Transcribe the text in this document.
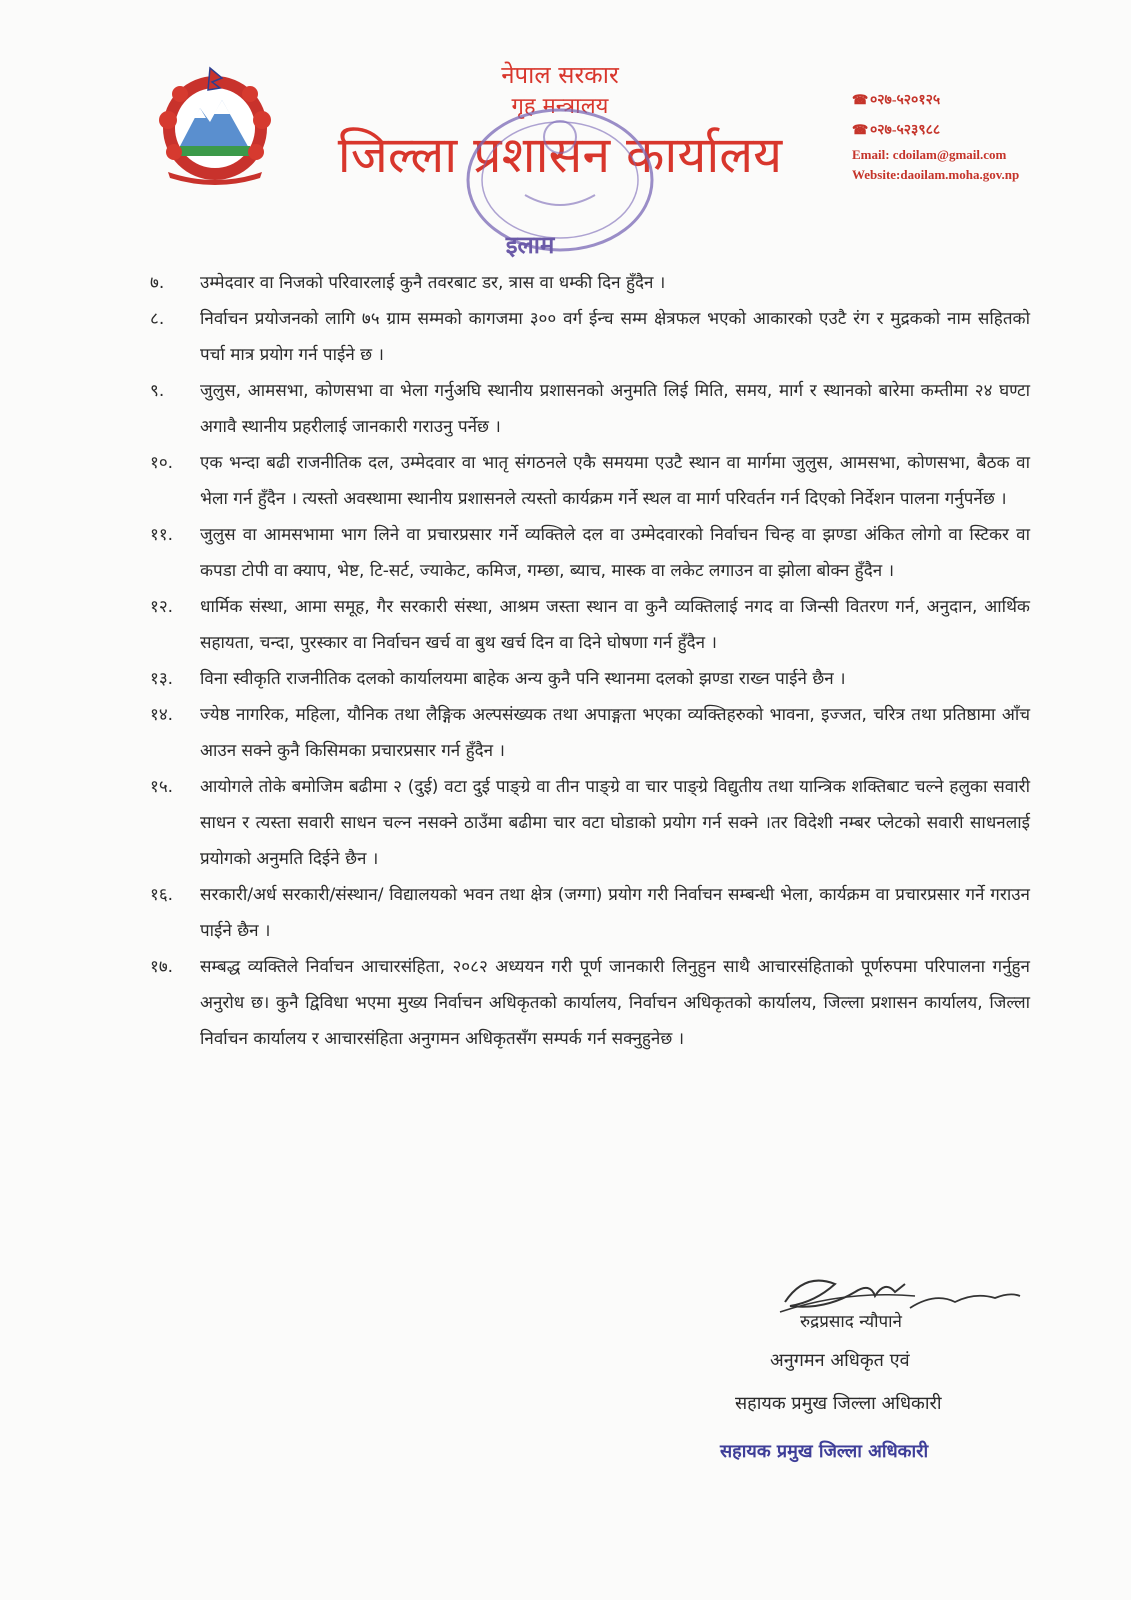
नेपाल सरकार
गृह मन्त्रालय
जिल्ला प्रशासन कार्यालय
☎ ०२७-५२०१२५
☎ ०२७-५२३९८८
Email: cdoilam@gmail.com
Website:daoilam.moha.gov.np
इलाम
७. उम्मेदवार वा निजको परिवारलाई कुनै तवरबाट डर, त्रास वा धम्की दिन हुँदैन ।
८. निर्वाचन प्रयोजनको लागि ७५ ग्राम सम्मको कागजमा ३०० वर्ग ईन्च सम्म क्षेत्रफल भएको आकारको एउटै रंग र मुद्रकको नाम सहितको पर्चा मात्र प्रयोग गर्न पाईने छ ।
९. जुलुस, आमसभा, कोणसभा वा भेला गर्नुअघि स्थानीय प्रशासनको अनुमति लिई मिति, समय, मार्ग र स्थानको बारेमा कम्तीमा २४ घण्टा अगावै स्थानीय प्रहरीलाई जानकारी गराउनु पर्नेछ ।
१०. एक भन्दा बढी राजनीतिक दल, उम्मेदवार वा भातृ संगठनले एकै समयमा एउटै स्थान वा मार्गमा जुलुस, आमसभा, कोणसभा, बैठक वा भेला गर्न हुँदैन । त्यस्तो अवस्थामा स्थानीय प्रशासनले त्यस्तो कार्यक्रम गर्ने स्थल वा मार्ग परिवर्तन गर्न दिएको निर्देशन पालना गर्नुपर्नेछ ।
११. जुलुस वा आमसभामा भाग लिने वा प्रचारप्रसार गर्ने व्यक्तिले दल वा उम्मेदवारको निर्वाचन चिन्ह वा झण्डा अंकित लोगो वा स्टिकर वा कपडा टोपी वा क्याप, भेष्ट, टि-सर्ट, ज्याकेट, कमिज, गम्छा, ब्याच, मास्क वा लकेट लगाउन वा झोला बोक्न हुँदैन ।
१२. धार्मिक संस्था, आमा समूह, गैर सरकारी संस्था, आश्रम जस्ता स्थान वा कुनै व्यक्तिलाई नगद वा जिन्सी वितरण गर्न, अनुदान, आर्थिक सहायता, चन्दा, पुरस्कार वा निर्वाचन खर्च वा बुथ खर्च दिन वा दिने घोषणा गर्न हुँदैन ।
१३. विना स्वीकृति राजनीतिक दलको कार्यालयमा बाहेक अन्य कुनै पनि स्थानमा दलको झण्डा राख्न पाईने छैन ।
१४. ज्येष्ठ नागरिक, महिला, यौनिक तथा लैङ्गिक अल्पसंख्यक तथा अपाङ्गता भएका व्यक्तिहरुको भावना, इज्जत, चरित्र तथा प्रतिष्ठामा आँच आउन सक्ने कुनै किसिमका प्रचारप्रसार गर्न हुँदैन ।
१५. आयोगले तोके बमोजिम बढीमा २ (दुई) वटा दुई पाङ्ग्रे वा तीन पाङ्ग्रे वा चार पाङ्ग्रे विद्युतीय तथा यान्त्रिक शक्तिबाट चल्ने हलुका सवारी साधन र त्यस्ता सवारी साधन चल्न नसक्ने ठाउँमा बढीमा चार वटा घोडाको प्रयोग गर्न सक्ने ।तर विदेशी नम्बर प्लेटको सवारी साधनलाई प्रयोगको अनुमति दिईने छैन ।
१६. सरकारी/अर्ध सरकारी/संस्थान/ विद्यालयको भवन तथा क्षेत्र (जग्गा) प्रयोग गरी निर्वाचन सम्बन्धी भेला, कार्यक्रम वा प्रचारप्रसार गर्ने गराउन पाईने छैन ।
१७. सम्बद्ध व्यक्तिले निर्वाचन आचारसंहिता, २०८२ अध्ययन गरी पूर्ण जानकारी लिनुहुन साथै आचारसंहिताको पूर्णरुपमा परिपालना गर्नुहुन अनुरोध छ। कुनै द्विविधा भएमा मुख्य निर्वाचन अधिकृतको कार्यालय, निर्वाचन अधिकृतको कार्यालय, जिल्ला प्रशासन कार्यालय, जिल्ला निर्वाचन कार्यालय र आचारसंहिता अनुगमन अधिकृतसँग सम्पर्क गर्न सक्नुहुनेछ ।
रुद्रप्रसाद न्यौपाने
अनुगमन अधिकृत एवं
सहायक प्रमुख जिल्ला अधिकारी
सहायक प्रमुख जिल्ला अधिकारी
